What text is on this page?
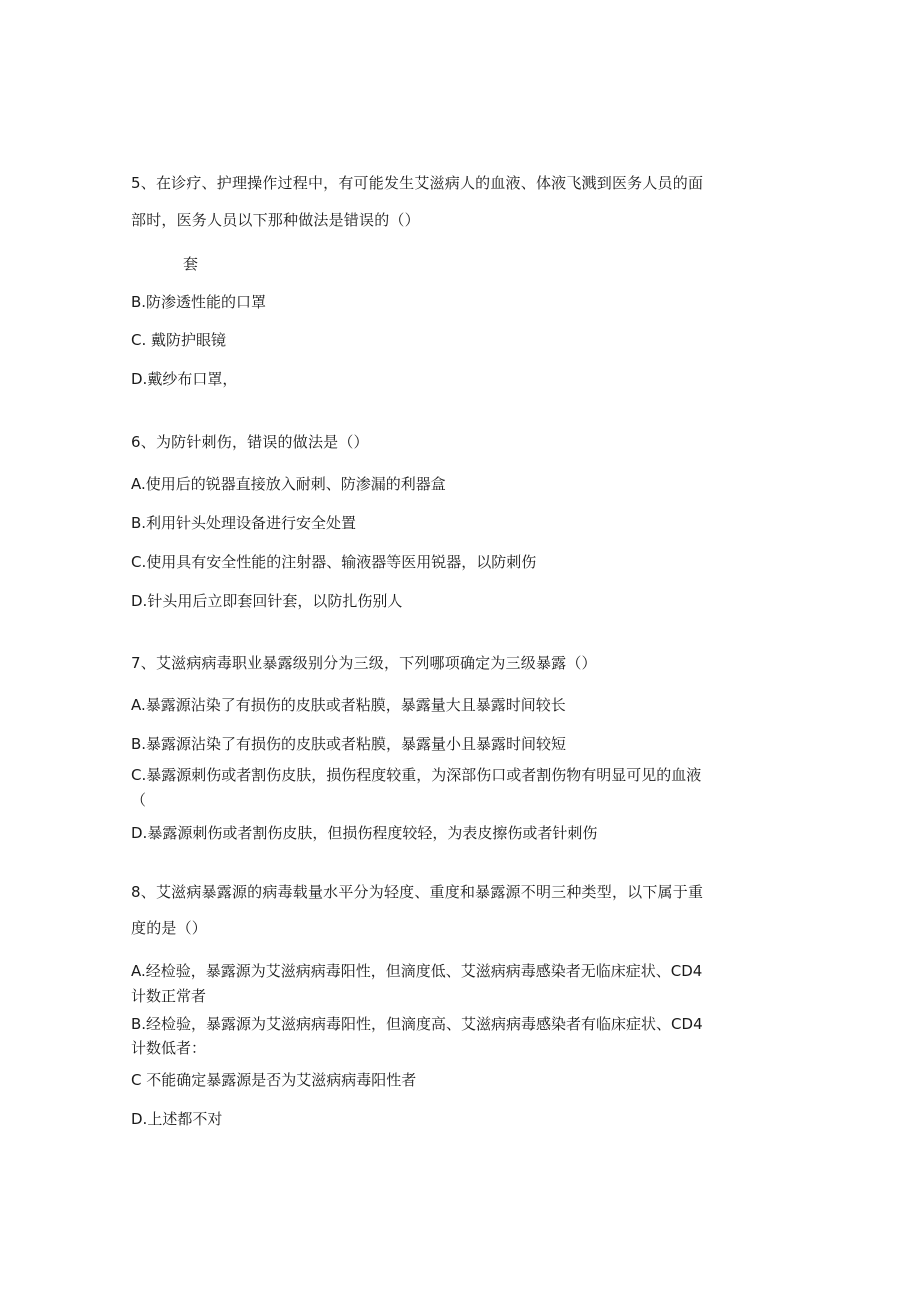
5、在诊疗、护理操作过程中，有可能发生艾滋病人的血液、体液飞溅到医务人员的面
部时，医务人员以下那种做法是错误的（）
套
B.防渗透性能的口罩
C. 戴防护眼镜
D.戴纱布口罩，
6、为防针刺伤，错误的做法是（）
A.使用后的锐器直接放入耐刺、防渗漏的利器盒
B.利用针头处理设备进行安全处置
C.使用具有安全性能的注射器、输液器等医用锐器，以防刺伤
D.针头用后立即套回针套，以防扎伤别人
7、艾滋病病毒职业暴露级别分为三级，下列哪项确定为三级暴露（）
A.暴露源沾染了有损伤的皮肤或者粘膜，暴露量大且暴露时间较长
B.暴露源沾染了有损伤的皮肤或者粘膜，暴露量小且暴露时间较短
C.暴露源刺伤或者割伤皮肤，损伤程度较重，为深部伤口或者割伤物有明显可见的血液
（
D.暴露源刺伤或者割伤皮肤，但损伤程度较轻，为表皮擦伤或者针刺伤
8、艾滋病暴露源的病毒载量水平分为轻度、重度和暴露源不明三种类型，以下属于重
度的是（）
A.经检验，暴露源为艾滋病病毒阳性，但滴度低、艾滋病病毒感染者无临床症状、CD4
计数正常者
B.经检验，暴露源为艾滋病病毒阳性，但滴度高、艾滋病病毒感染者有临床症状、CD4
计数低者：
C 不能确定暴露源是否为艾滋病病毒阳性者
D.上述都不对
